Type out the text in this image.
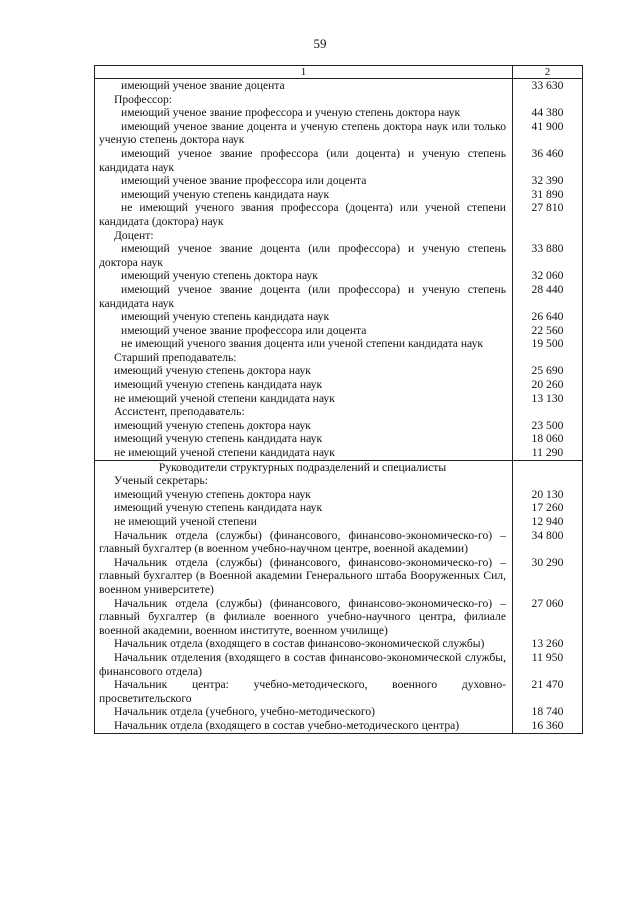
59
1	2
имеющий ученое звание доцента	33 630
Профессор:	
имеющий ученое звание профессора и ученую степень доктора наук	44 380
имеющий ученое звание доцента и ученую степень доктора наук или только ученую степень доктора наук	41 900
имеющий ученое звание профессора (или доцента) и ученую степень кандидата наук	36 460
имеющий ученое звание профессора или доцента	32 390
имеющий ученую степень кандидата наук	31 890
не имеющий ученого звания профессора (доцента) или ученой степени кандидата (доктора) наук	27 810
Доцент:	
имеющий ученое звание доцента (или профессора) и ученую степень доктора наук	33 880
имеющий ученую степень доктора наук	32 060
имеющий ученое звание доцента (или профессора) и ученую степень кандидата наук	28 440
имеющий ученую степень кандидата наук	26 640
имеющий ученое звание профессора или доцента	22 560
не имеющий ученого звания доцента или ученой степени кандидата наук	19 500
Старший преподаватель:	
имеющий ученую степень доктора наук	25 690
имеющий ученую степень кандидата наук	20 260
не имеющий ученой степени кандидата наук	13 130
Ассистент, преподаватель:	
имеющий ученую степень доктора наук	23 500
имеющий ученую степень кандидата наук	18 060
не имеющий ученой степени кандидата наук	11 290
Руководители структурных подразделений и специалисты	
Ученый секретарь:	
имеющий ученую степень доктора наук	20 130
имеющий ученую степень кандидата наук	17 260
не имеющий ученой степени	12 940
Начальник отдела (службы) (финансового, финансово-экономическо-го) – главный бухгалтер (в военном учебно-научном центре, военной академии)	34 800
Начальник отдела (службы) (финансового, финансово-экономическо-го) – главный бухгалтер (в Военной академии Генерального штаба Вооруженных Сил, военном университете)	30 290
Начальник отдела (службы) (финансового, финансово-экономическо-го) – главный бухгалтер (в филиале военного учебно-научного центра, филиале военной академии, военном институте, военном училище)	27 060
Начальник отдела (входящего в состав финансово-экономической службы)	13 260
Начальник отделения (входящего в состав финансово-экономической службы, финансового отдела)	11 950
Начальник центра: учебно-методического, военного духовно-просветительского	21 470
Начальник отдела (учебного, учебно-методического)	18 740
Начальник отдела (входящего в состав учебно-методического центра)	16 360
